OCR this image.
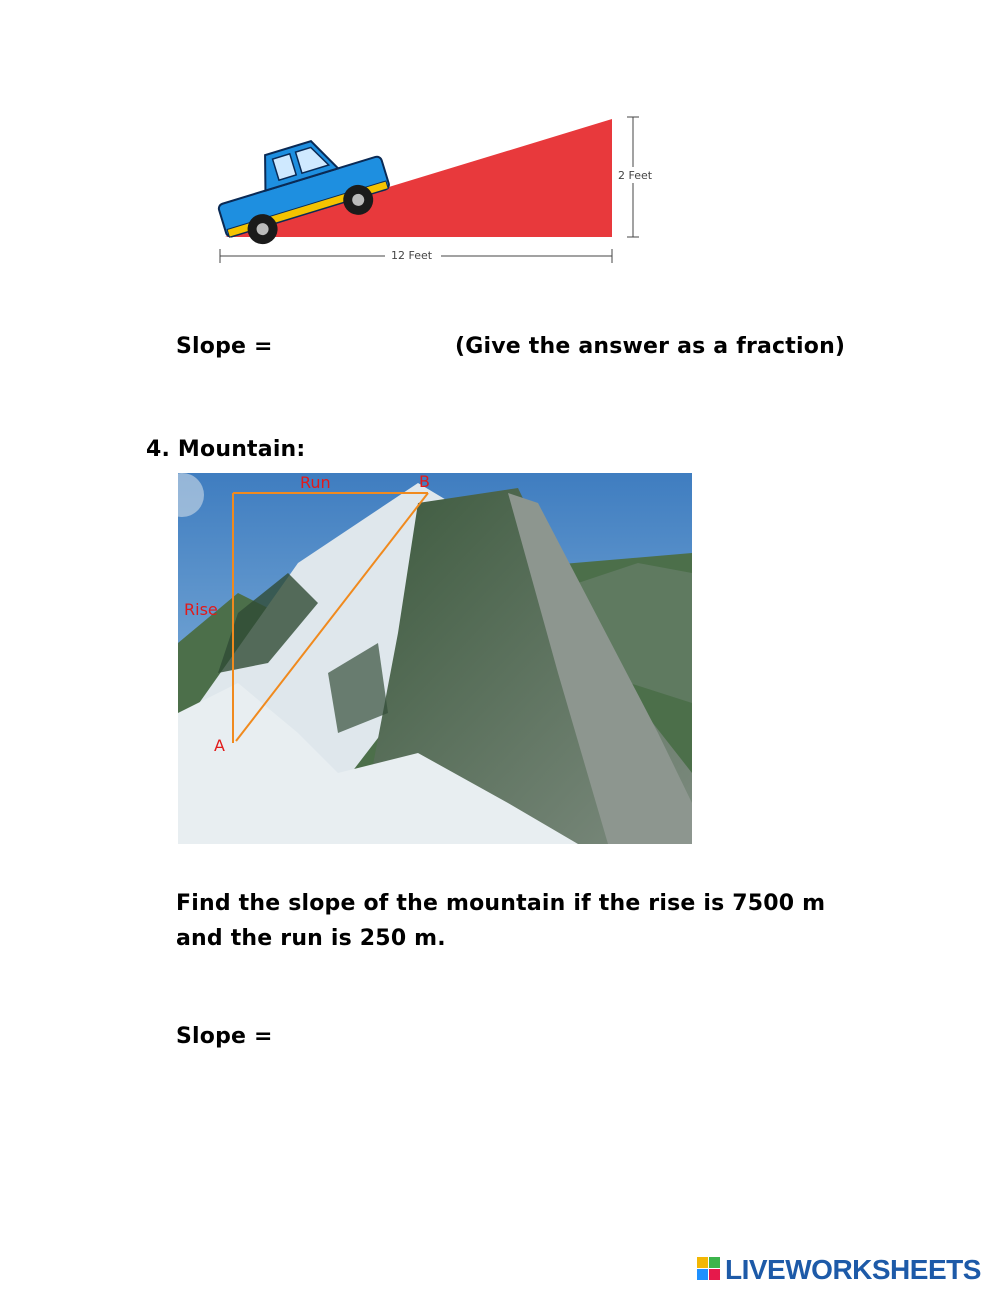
2 Feet
12 Feet
Slope =	(Give the answer as a fraction)
4. Mountain:
Run
Rise
A
B
Find the slope of the mountain if the rise is 7500 m and the run is 250 m.
Slope =
LIVEWORKSHEETS
